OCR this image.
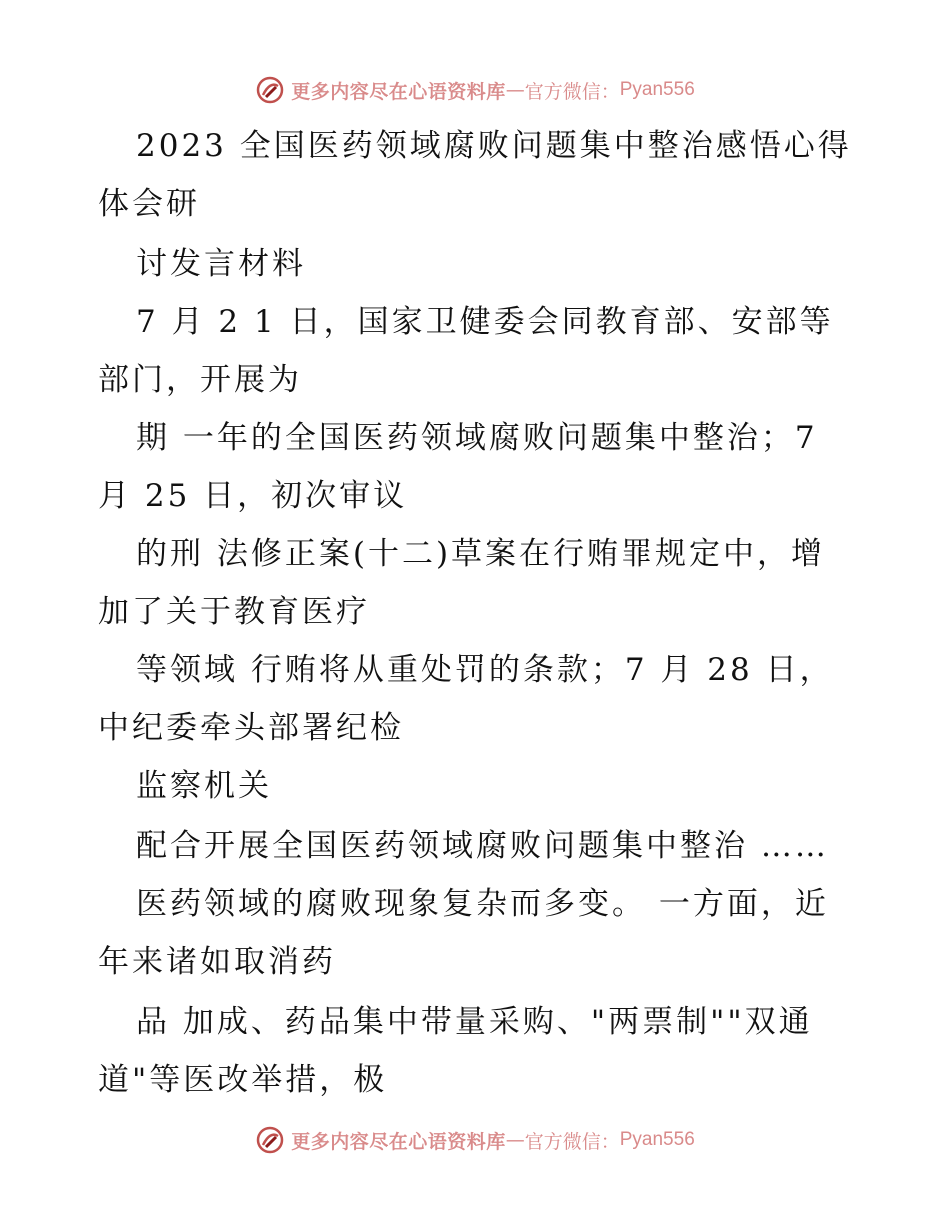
更多内容尽在心语资料库 — 官方微信： Pyan556
2023 全国医药领域腐败问题集中整治感悟心得
体会研
讨发言材料
7 月 2 1 日，国家卫健委会同教育部、安部等
部门，开展为
期 一年的全国医药领域腐败问题集中整治；7
月 25 日，初次审议
的刑 法修正案(十二)草案在行贿罪规定中，增
加了关于教育医疗
等领域 行贿将从重处罚的条款；7 月 28 日，
中纪委牵头部署纪检
监察机关
配合开展全国医药领域腐败问题集中整治 ……
医药领域的腐败现象复杂而多变。 一方面，近
年来诸如取消药
品 加成、药品集中带量采购、"两票制""双通
道"等医改举措，极
更多内容尽在心语资料库 — 官方微信： Pyan556
